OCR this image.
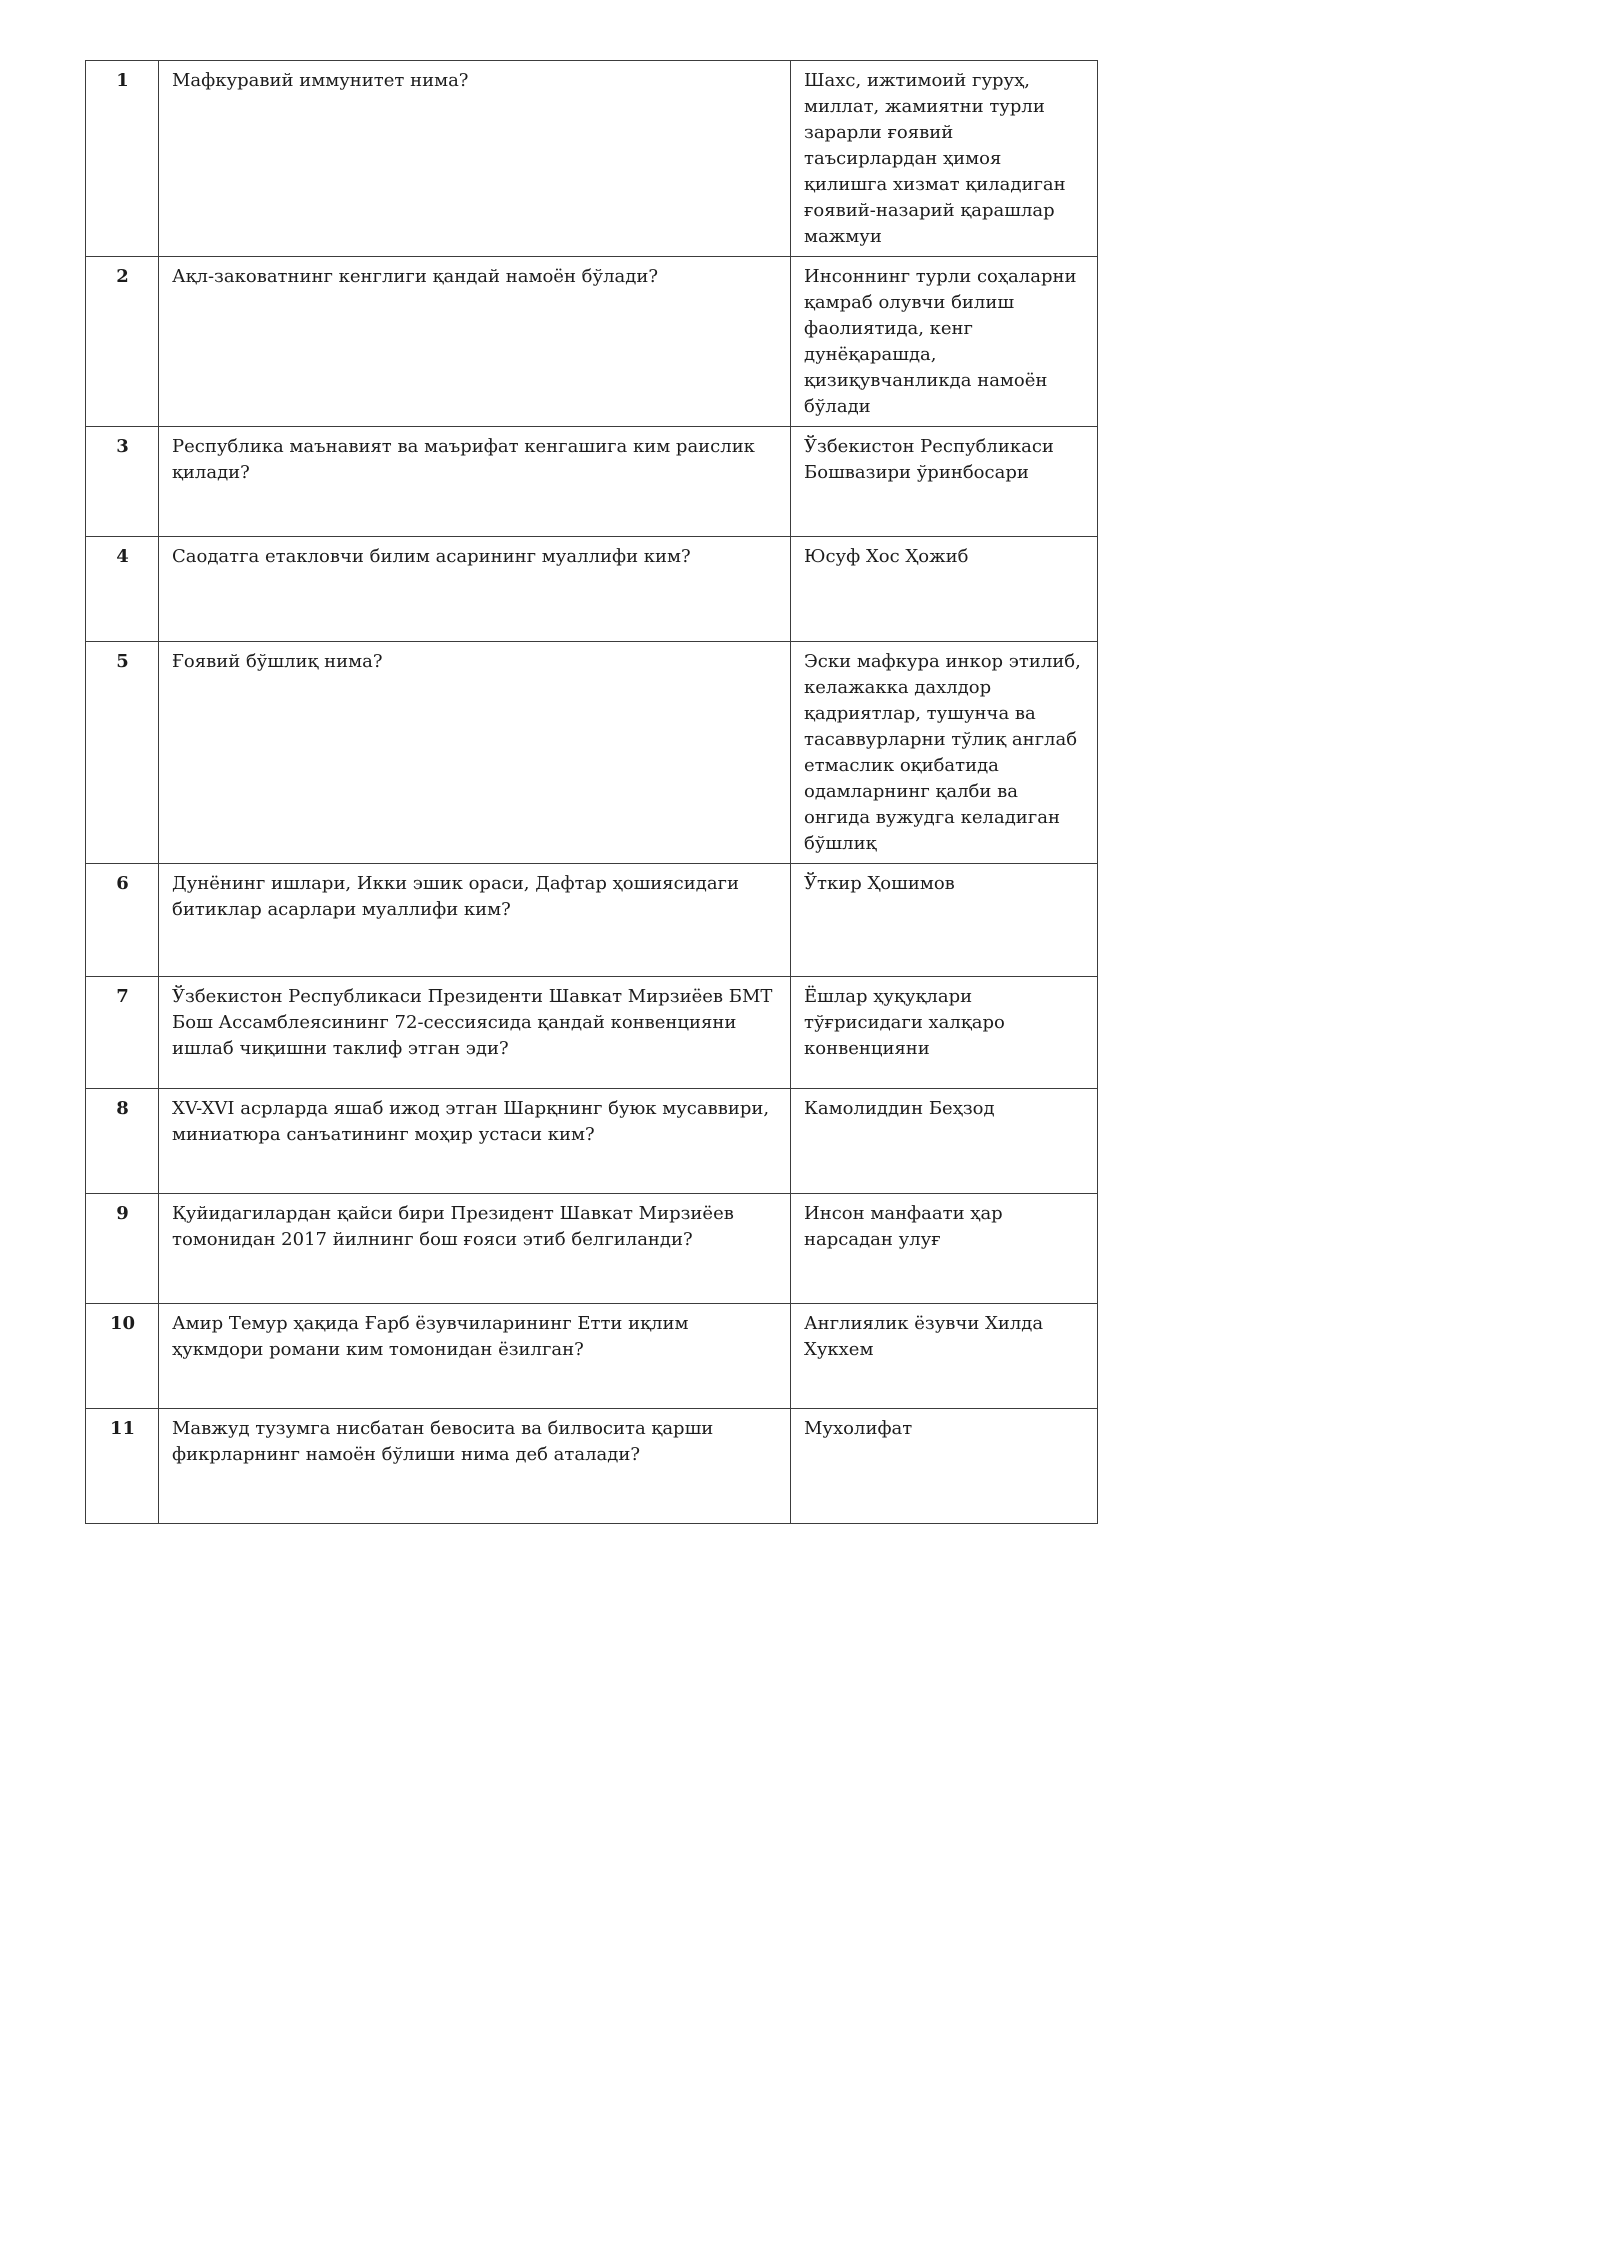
1	Мафкуравий иммунитет нима?	Шахс, ижтимоий гуруҳ, миллат, жамиятни турли зарарли ғоявий таъсирлардан ҳимоя қилишга хизмат қиладиган ғоявий-назарий қарашлар мажмуи
2	Ақл-заковатнинг кенглиги қандай намоён бўлади?	Инсоннинг турли соҳаларни қамраб олувчи билиш фаолиятида, кенг дунёқарашда, қизиқувчанликда намоён бўлади
3	Республика маънавият ва маърифат кенгашига ким раислик қилади?	Ўзбекистон Республикаси Бошвазири ўринбосари
4	Саодатга етакловчи билим асарининг муаллифи ким?	Юсуф Хос Ҳожиб
5	Ғоявий бўшлиқ нима?	Эски мафкура инкор этилиб, келажакка дахлдор қадриятлар, тушунча ва тасаввурларни тўлиқ англаб етмаслик оқибатида одамларнинг қалби ва онгида вужудга келадиган бўшлиқ
6	Дунёнинг ишлари, Икки эшик ораси, Дафтар ҳошиясидаги битиклар асарлари муаллифи ким?	Ўткир Ҳошимов
7	Ўзбекистон Республикаси Президенти Шавкат Мирзиёев БМТ Бош Ассамблеясининг 72-сессиясида қандай конвенцияни ишлаб чиқишни таклиф этган эди?	Ёшлар ҳуқуқлари тўғрисидаги халқаро конвенцияни
8	XV-XVI асрларда яшаб ижод этган Шарқнинг буюк мусаввири, миниатюра санъатининг моҳир устаси ким?	Камолиддин Беҳзод
9	Қуйидагилардан қайси бири Президент Шавкат Мирзиёев томонидан 2017 йилнинг бош ғояси этиб белгиланди?	Инсон манфаати ҳар нарсадан улуғ
10	Амир Темур ҳақида Ғарб ёзувчиларининг Етти иқлим ҳукмдори романи ким томонидан ёзилган?	Англиялик ёзувчи Хилда Хукхем
11	Мавжуд тузумга нисбатан бевосита ва билвосита қарши фикрларнинг намоён бўлиши нима деб аталади?	Мухолифат
